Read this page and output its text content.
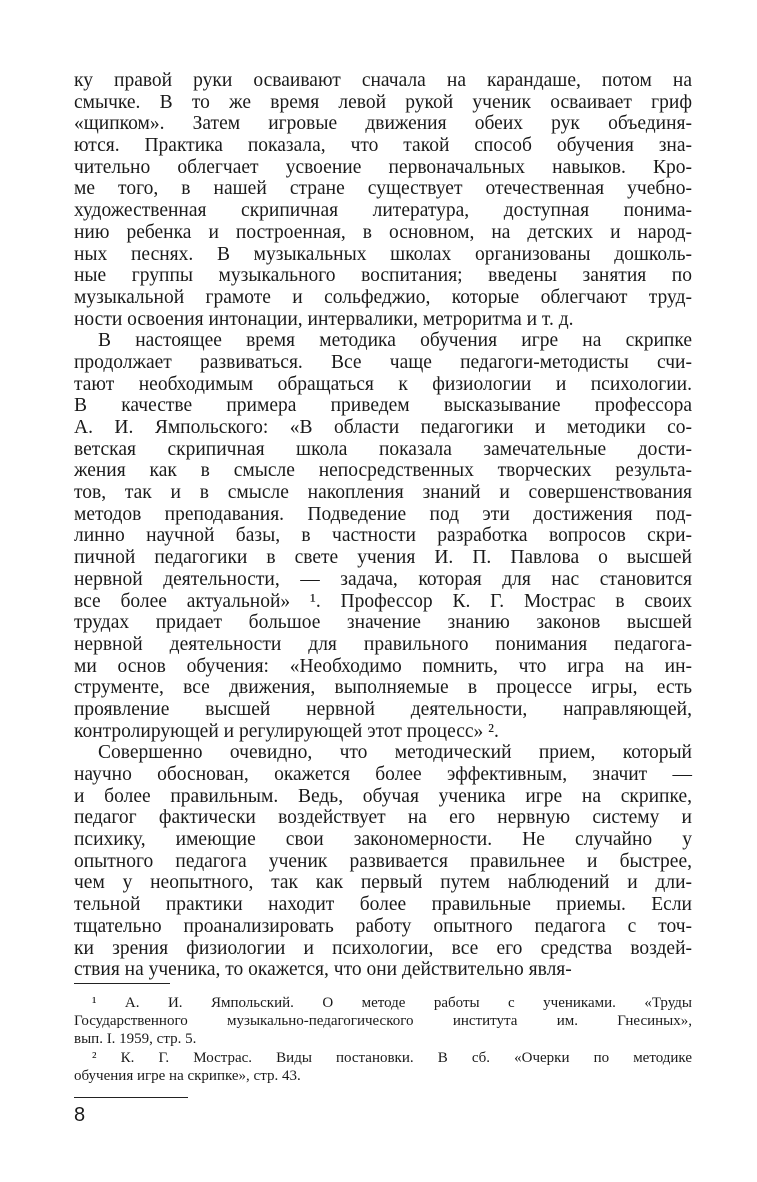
ку правой руки осваивают сначала на карандаше, потом на
смычке. В то же время левой рукой ученик осваивает гриф
«щипком». Затем игровые движения обеих рук объединя-
ются. Практика показала, что такой способ обучения зна-
чительно облегчает усвоение первоначальных навыков. Кро-
ме того, в нашей стране существует отечественная учебно-
художественная скрипичная литература, доступная понима-
нию ребенка и построенная, в основном, на детских и народ-
ных песнях. В музыкальных школах организованы дошколь-
ные группы музыкального воспитания; введены занятия по
музыкальной грамоте и сольфеджио, которые облегчают труд-
ности освоения интонации, интервалики, метроритма и т. д.
В настоящее время методика обучения игре на скрипке
продолжает развиваться. Все чаще педагоги-методисты счи-
тают необходимым обращаться к физиологии и психологии.
В качестве примера приведем высказывание профессора
А. И. Ямпольского: «В области педагогики и методики со-
ветская скрипичная школа показала замечательные дости-
жения как в смысле непосредственных творческих результа-
тов, так и в смысле накопления знаний и совершенствования
методов преподавания. Подведение под эти достижения под-
линно научной базы, в частности разработка вопросов скри-
пичной педагогики в свете учения И. П. Павлова о высшей
нервной деятельности, — задача, которая для нас становится
все более актуальной» ¹. Профессор К. Г. Мострас в своих
трудах придает большое значение знанию законов высшей
нервной деятельности для правильного понимания педагога-
ми основ обучения: «Необходимо помнить, что игра на ин-
струменте, все движения, выполняемые в процессе игры, есть
проявление высшей нервной деятельности, направляющей,
контролирующей и регулирующей этот процесс» ².
Совершенно очевидно, что методический прием, который
научно обоснован, окажется более эффективным, значит —
и более правильным. Ведь, обучая ученика игре на скрипке,
педагог фактически воздействует на его нервную систему и
психику, имеющие свои закономерности. Не случайно у
опытного педагога ученик развивается правильнее и быстрее,
чем у неопытного, так как первый путем наблюдений и дли-
тельной практики находит более правильные приемы. Если
тщательно проанализировать работу опытного педагога с точ-
ки зрения физиологии и психологии, все его средства воздей-
ствия на ученика, то окажется, что они действительно явля-
¹ А. И. Ямпольский. О методе работы с учениками. «Труды
Государственного музыкально-педагогического института им. Гнесиных»,
вып. I. 1959, стр. 5.
² К. Г. Мострас. Виды постановки. В сб. «Очерки по методике
обучения игре на скрипке», стр. 43.
8
